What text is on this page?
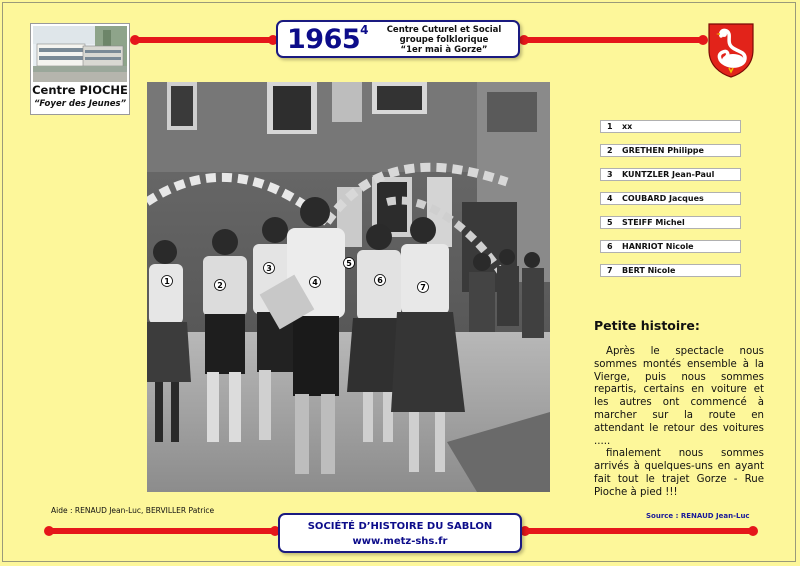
1965$^4$	Centre Cuturel et Social
groupe folklorique
“1er mai à Gorze”
Centre PIOCHE
“Foyer des Jeunes”
1	2
3
4
5
6
7
1 xx
2 GRETHEN Philippe
3 KUNTZLER Jean-Paul
4 COUBARD Jacques
5 STEIFF Michel
6 HANRIOT Nicole
7 BERT Nicole
Petite histoire:

Après le spectacle nous sommes montés ensemble à la Vierge, puis nous sommes repartis, certains en voiture et les autres ont commencé à marcher sur la route en attendant le retour des voitures .....

finalement nous sommes arrivés à quelques-uns en ayant fait tout le trajet Gorze - Rue Pioche à pied !!!

Aide : RENAUD Jean-Luc, BERVILLER Patrice
Source : RENAUD Jean-Luc
SOCIÉTÉ D’HISTOIRE DU SABLON
www.metz-shs.fr
